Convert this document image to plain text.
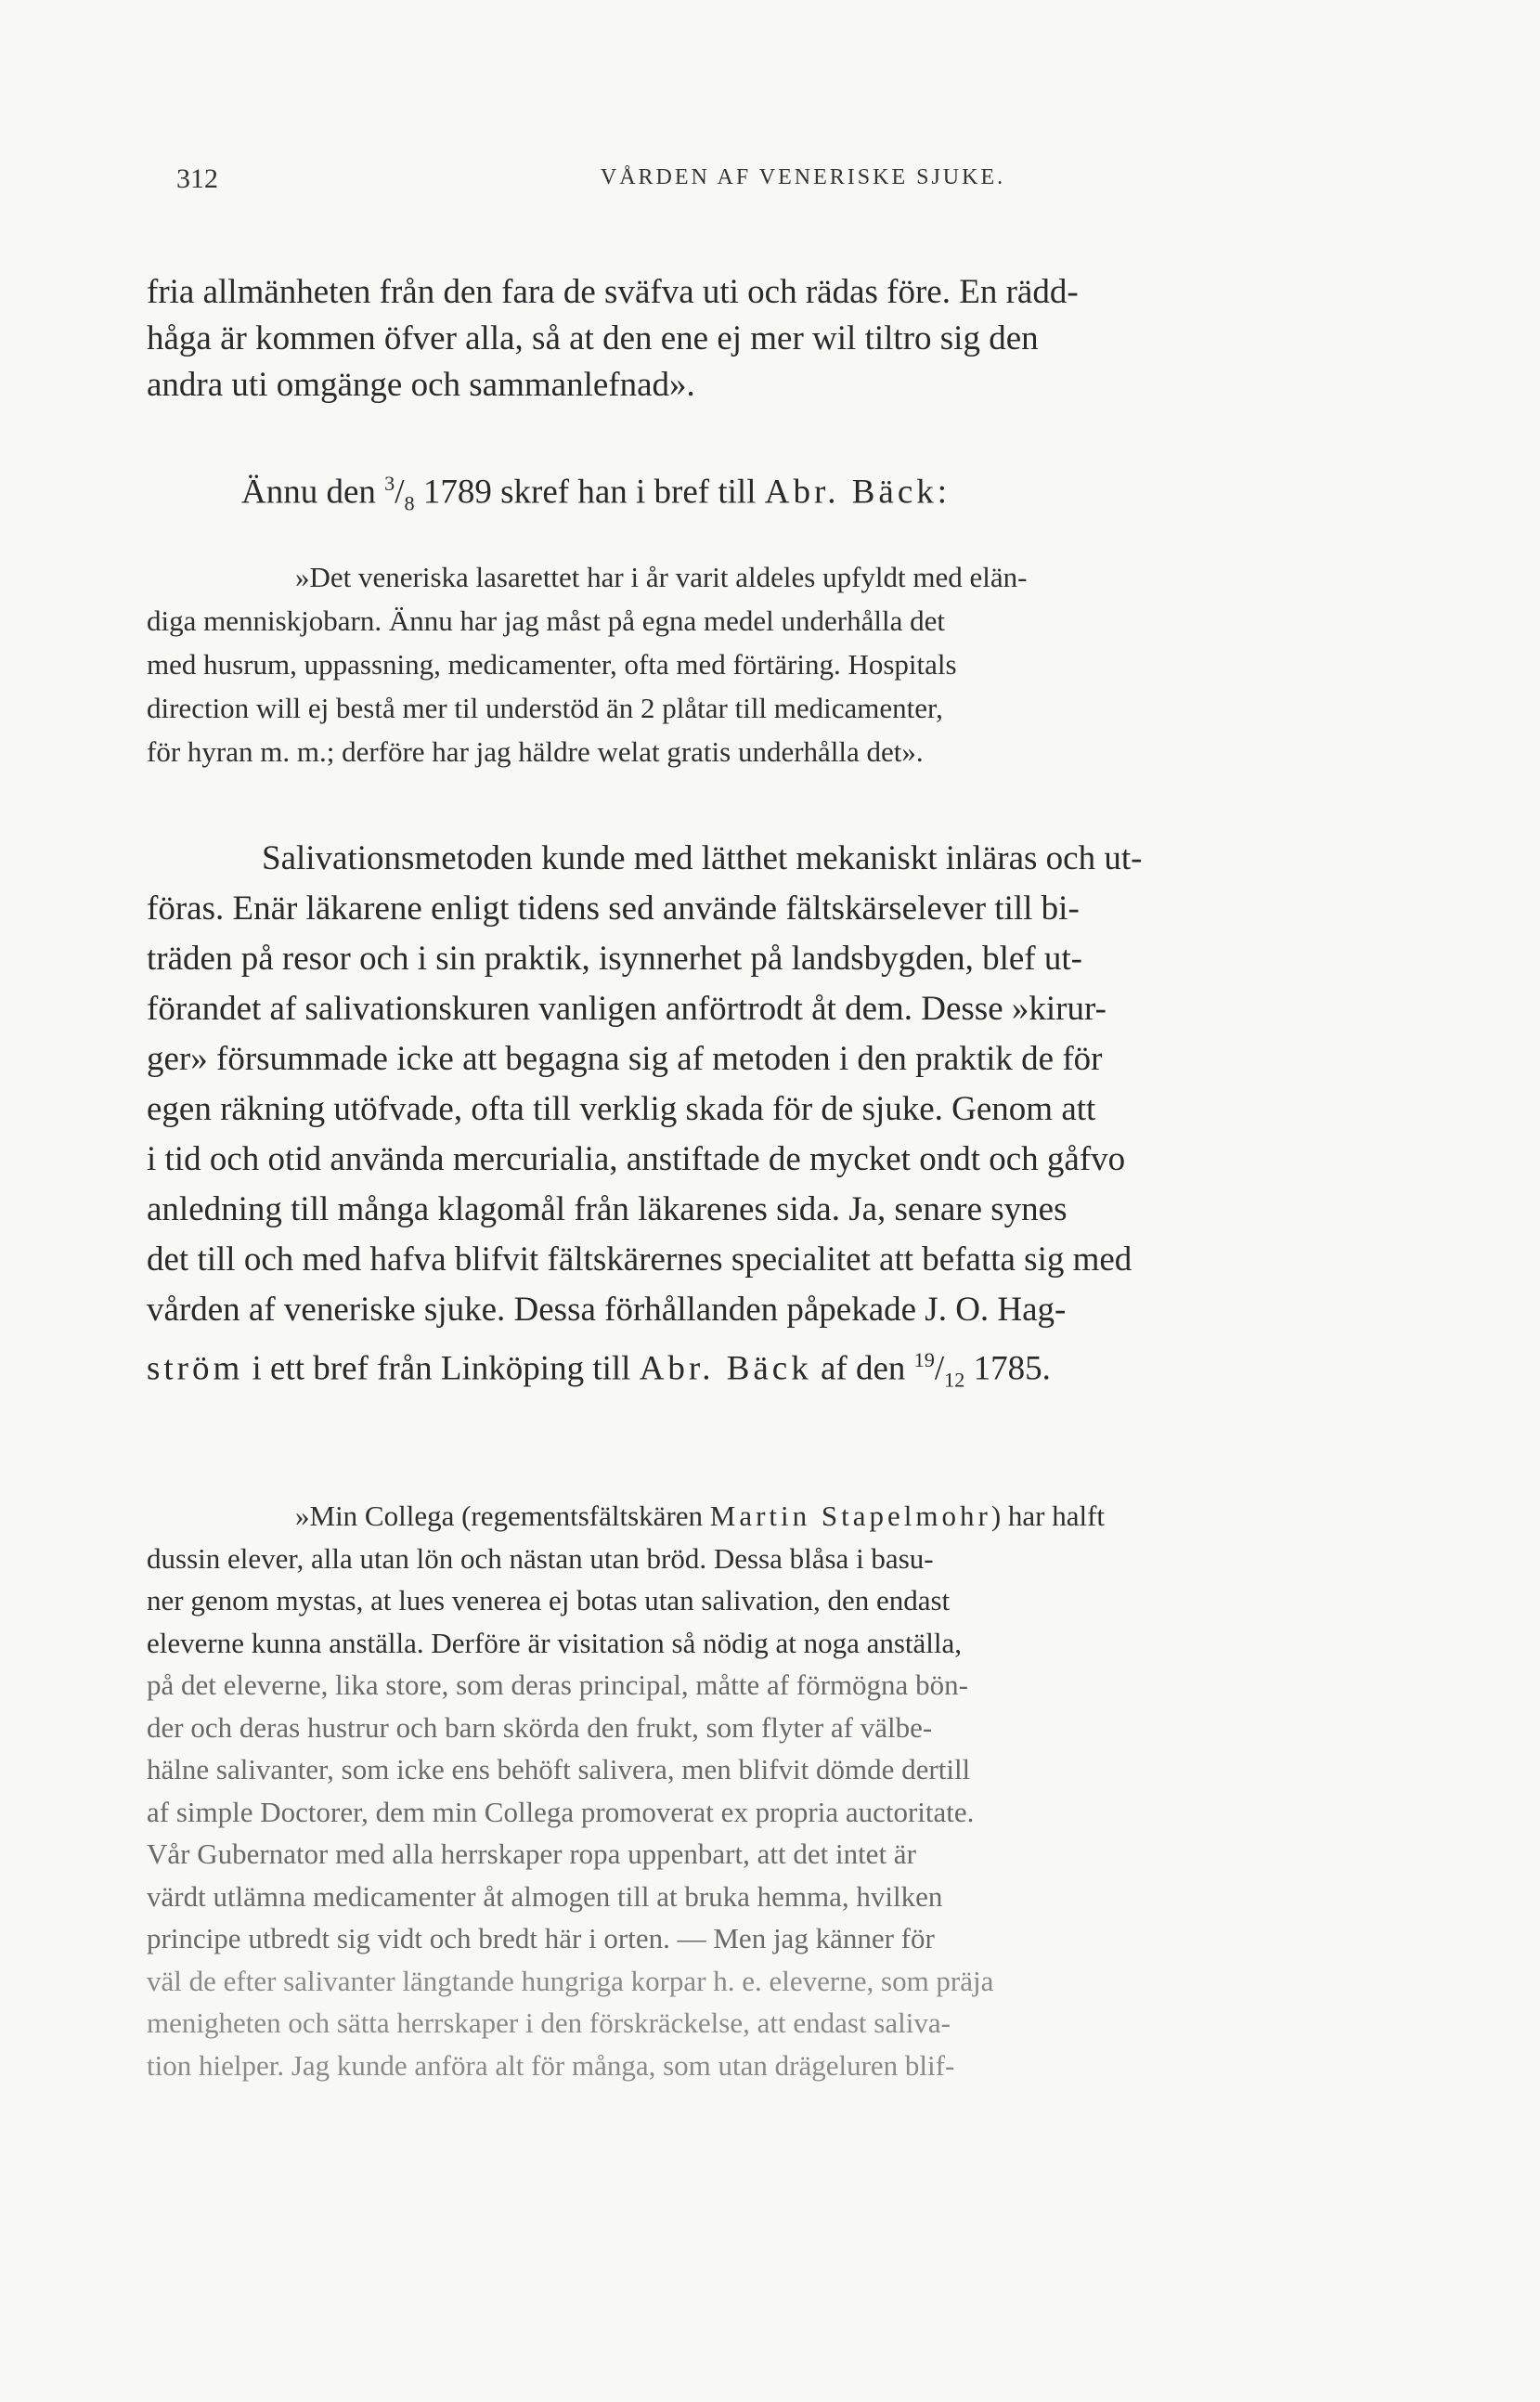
312	VÅRDEN AF VENERISKE SJUKE.
fria allmänheten från den fara de sväfva uti och rädas före. En rädd-
håga är kommen öfver alla, så at den ene ej mer wil tiltro sig den
andra uti omgänge och sammanlefnad».
Ännu den $^3/_8$ 1789 skref han i bref till Abr. Bäck:
»Det veneriska lasarettet har i år varit aldeles upfyldt med elän-
diga menniskjobarn. Ännu har jag måst på egna medel underhålla det
med husrum, uppassning, medicamenter, ofta med förtäring. Hospitals
direction will ej bestå mer til understöd än 2 plåtar till medicamenter,
för hyran m. m.; derföre har jag häldre welat gratis underhålla det».
Salivationsmetoden kunde med lätthet mekaniskt inläras och ut-
föras. Enär läkarene enligt tidens sed använde fältskärselever till bi-
träden på resor och i sin praktik, isynnerhet på landsbygden, blef ut-
förandet af salivationskuren vanligen anförtrodt åt dem. Desse »kirur-
ger» försummade icke att begagna sig af metoden i den praktik de för
egen räkning utöfvade, ofta till verklig skada för de sjuke. Genom att
i tid och otid använda mercurialia, anstiftade de mycket ondt och gåfvo
anledning till många klagomål från läkarenes sida. Ja, senare synes
det till och med hafva blifvit fältskärernes specialitet att befatta sig med
vården af veneriske sjuke. Dessa förhållanden påpekade J. O. Hag-
ström i ett bref från Linköping till Abr. Bäck af den $^{19}/_{12}$ 1785.
»Min Collega (regementsfältskären Martin Stapelmohr) har halft
dussin elever, alla utan lön och nästan utan bröd. Dessa blåsa i basu-
ner genom mystas, at lues venerea ej botas utan salivation, den endast
eleverne kunna anställa. Derföre är visitation så nödig at noga anställa,
på det eleverne, lika store, som deras principal, måtte af förmögna bön-
der och deras hustrur och barn skörda den frukt, som flyter af välbe-
hälne salivanter, som icke ens behöft salivera, men blifvit dömde dertill
af simple Doctorer, dem min Collega promoverat ex propria auctoritate.
Vår Gubernator med alla herrskaper ropa uppenbart, att det intet är
värdt utlämna medicamenter åt almogen till at bruka hemma, hvilken
principe utbredt sig vidt och bredt här i orten. — Men jag känner för
väl de efter salivanter längtande hungriga korpar h. e. eleverne, som präja
menigheten och sätta herrskaper i den förskräckelse, att endast saliva-
tion hielper. Jag kunde anföra alt för många, som utan drägeluren blif-
